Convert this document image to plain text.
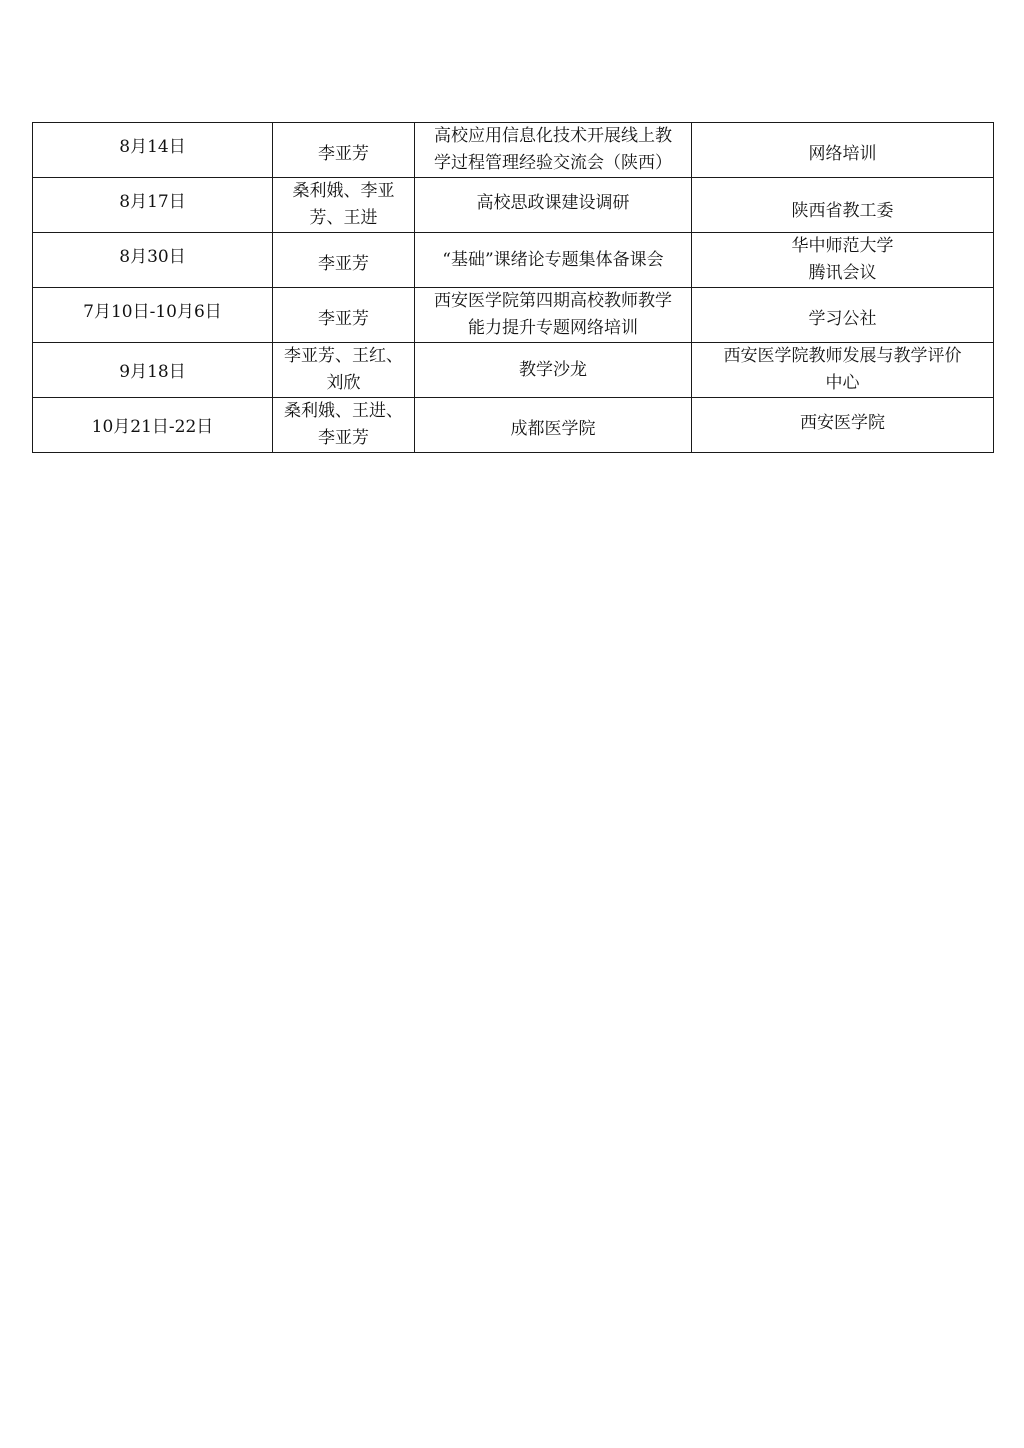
8月14日	李亚芳	高校应用信息化技术开展线上教
学过程管理经验交流会（陕西）	网络培训

8月17日	桑利娥、李亚
芳、王进	高校思政课建设调研	陕西省教工委

8月30日	李亚芳	“基础”课绪论专题集体备课会	华中师范大学
腾讯会议

7月10日-10月6日	李亚芳	西安医学院第四期高校教师教学
能力提升专题网络培训	学习公社

9月18日	李亚芳、王红、
刘欣	教学沙龙	西安医学院教师发展与教学评价
中心

10月21日-22日	桑利娥、王进、
李亚芳	成都医学院	西安医学院
